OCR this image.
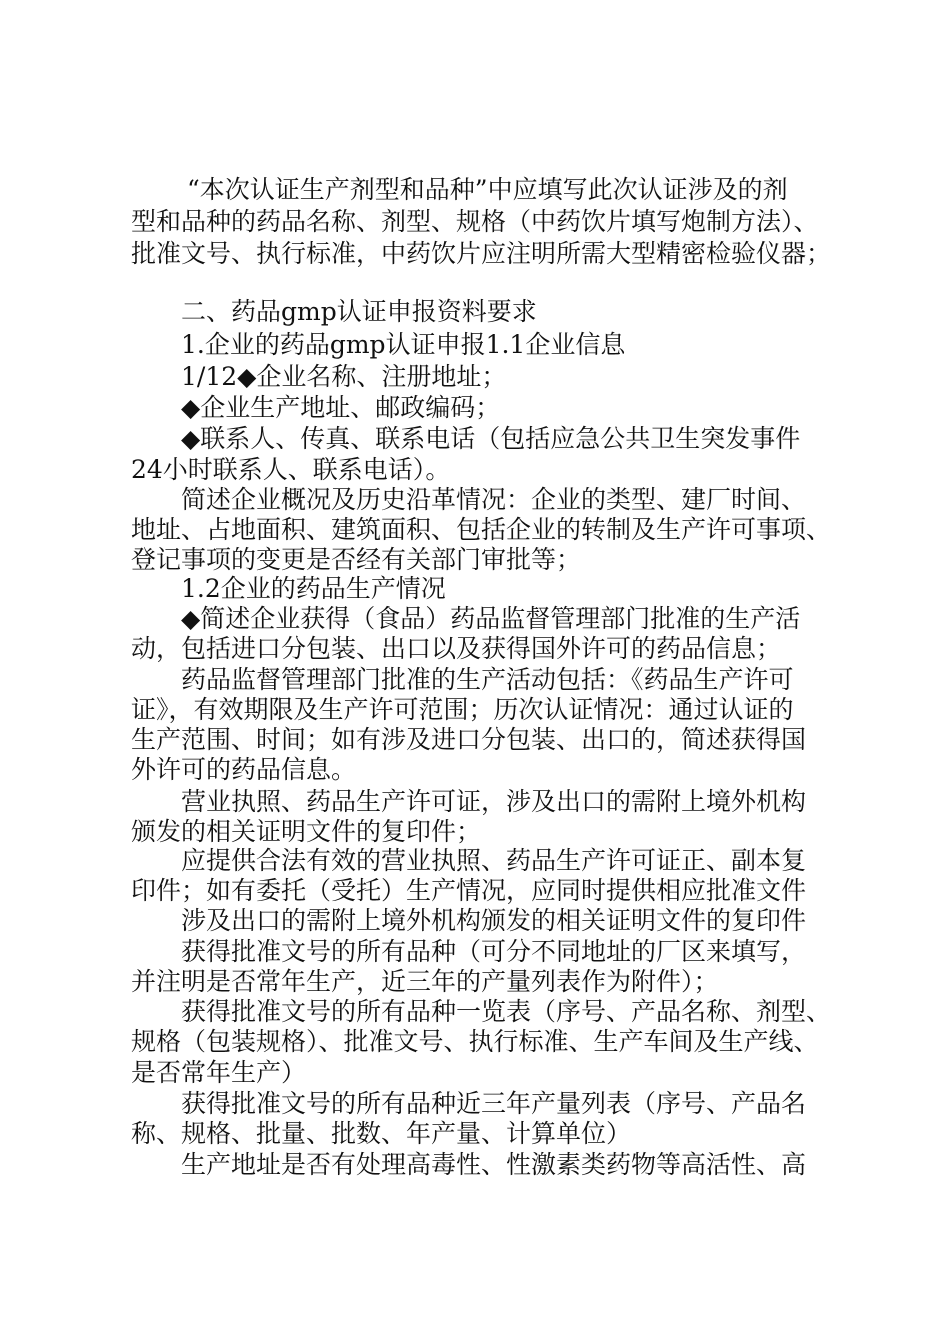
“本次认证生产剂型和品种”中应填写此次认证涉及的剂
型和品种的药品名称、剂型、规格（中药饮片填写炮制方法）、
批准文号、执行标准，中药饮片应注明所需大型精密检验仪器；
二、药品gmp认证申报资料要求
1.企业的药品gmp认证申报1.1企业信息
1/12◆企业名称、注册地址；
◆企业生产地址、邮政编码；
◆联系人、传真、联系电话（包括应急公共卫生突发事件
24小时联系人、联系电话）。
简述企业概况及历史沿革情况：企业的类型、建厂时间、
地址、占地面积、建筑面积、包括企业的转制及生产许可事项、
登记事项的变更是否经有关部门审批等；
1.2企业的药品生产情况
◆简述企业获得（食品）药品监督管理部门批准的生产活
动，包括进口分包装、出口以及获得国外许可的药品信息；
药品监督管理部门批准的生产活动包括：《药品生产许可
证》，有效期限及生产许可范围；历次认证情况：通过认证的
生产范围、时间；如有涉及进口分包装、出口的，简述获得国
外许可的药品信息。
营业执照、药品生产许可证，涉及出口的需附上境外机构
颁发的相关证明文件的复印件；
应提供合法有效的营业执照、药品生产许可证正、副本复
印件；如有委托（受托）生产情况，应同时提供相应批准文件
涉及出口的需附上境外机构颁发的相关证明文件的复印件
获得批准文号的所有品种（可分不同地址的厂区来填写，
并注明是否常年生产，近三年的产量列表作为附件）；
获得批准文号的所有品种一览表（序号、产品名称、剂型、
规格（包装规格）、批准文号、执行标准、生产车间及生产线、
是否常年生产）
获得批准文号的所有品种近三年产量列表（序号、产品名
称、规格、批量、批数、年产量、计算单位）
生产地址是否有处理高毒性、性激素类药物等高活性、高
